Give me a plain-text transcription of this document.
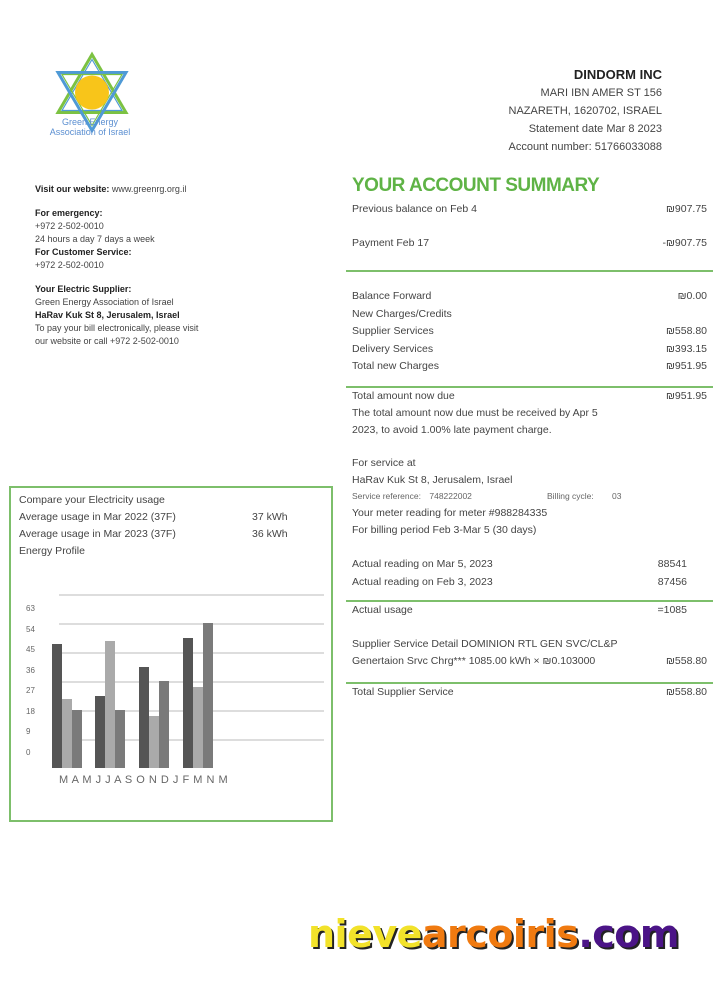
Green Energy
Association of Israel
DINDORM INC
MARI IBN AMER ST 156
NAZARETH, 1620702, ISRAEL
Statement date Mar 8 2023
Account number: 51766033088
Visit our website: www.greenrg.org.il
For emergency:
+972 2-502-0010
24 hours a day 7 days a week
For Customer Service:
+972 2-502-0010
Your Electric Supplier:
Green Energy Association of Israel
HaRav Kuk St 8, Jerusalem, Israel
To pay your bill electronically, please visit
our website or call +972 2-502-0010
YOUR ACCOUNT SUMMARY
Previous balance on Feb 4	₪907.75
Payment Feb 17	-₪907.75
Balance Forward	₪0.00
New Charges/Credits
Supplier Services	₪558.80
Delivery Services	₪393.15
Total new Charges	₪951.95
Total amount now due	₪951.95
The total amount now due must be received by Apr 5
2023, to avoid 1.00% late payment charge.
For service at
HaRav Kuk St 8, Jerusalem, Israel
Service reference: 748222002	Billing cycle: 03
Your meter reading for meter #988284335
For billing period Feb 3-Mar 5 (30 days)
Actual reading on Mar 5, 2023	88541
Actual reading on Feb 3, 2023	87456
Actual usage	=1085
Supplier Service Detail DOMINION RTL GEN SVC/CL&P
Genertaion Srvc Chrg*** 1085.00 kWh × ₪0.103000	₪558.80
Total Supplier Service	₪558.80
Compare your Electricity usage
Average usage in Mar 2022 (37F)	37 kWh
Average usage in Mar 2023 (37F)	36 kWh
Energy Profile
63
54
45
36
27
18
9
0
M A M J J A S O N D J F M N M
nievearcoiris.com
